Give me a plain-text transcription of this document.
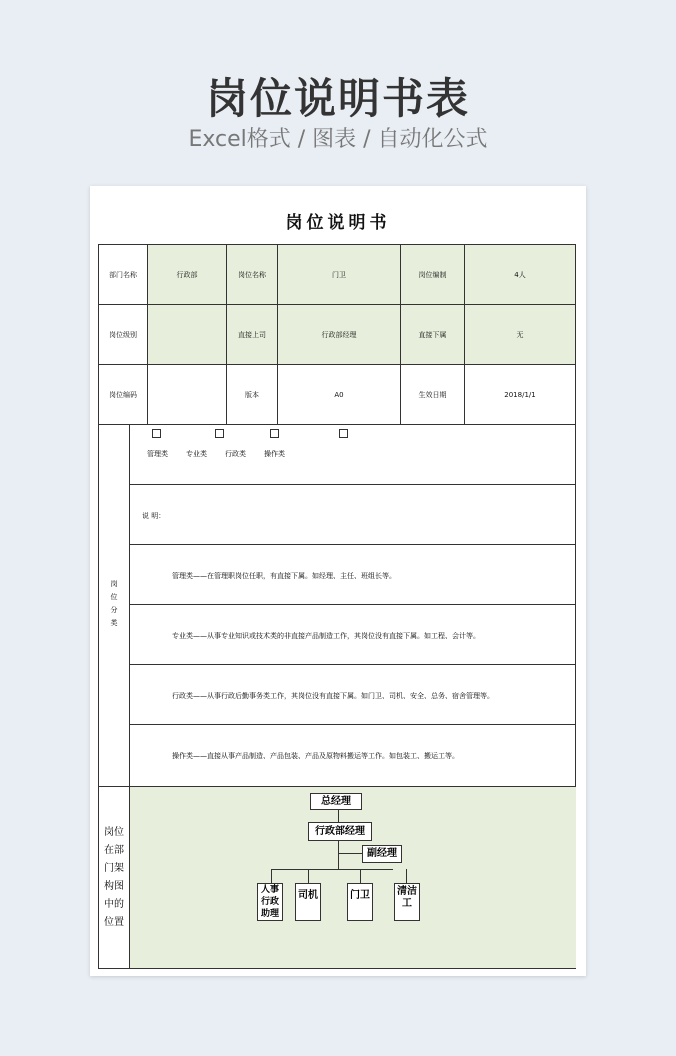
岗位说明书表
Excel格式 / 图表 / 自动化公式
岗位说明书
部门名称	行政部	岗位名称	门卫	岗位编制	4人
岗位级别		直接上司	行政部经理	直接下属	无
岗位编码		版本	A0	生效日期	2018/1/1
岗位分类
管理类	专业类	行政类	操作类
说 明：
管理类——在管理职岗位任职，有直接下属。如经理、主任、班组长等。
专业类——从事专业知识或技术类的非直接产品制造工作，其岗位没有直接下属。如工程、会计等。
行政类——从事行政后勤事务类工作，其岗位没有直接下属。如门卫、司机、安全、总务、宿舍管理等。
操作类——直接从事产品制造、产品包装、产品及原物料搬运等工作。如包装工、搬运工等。
岗位在部门架构图中的位置
总经理
行政部经理
副经理
人事行政助理
司机	门卫	清洁工
